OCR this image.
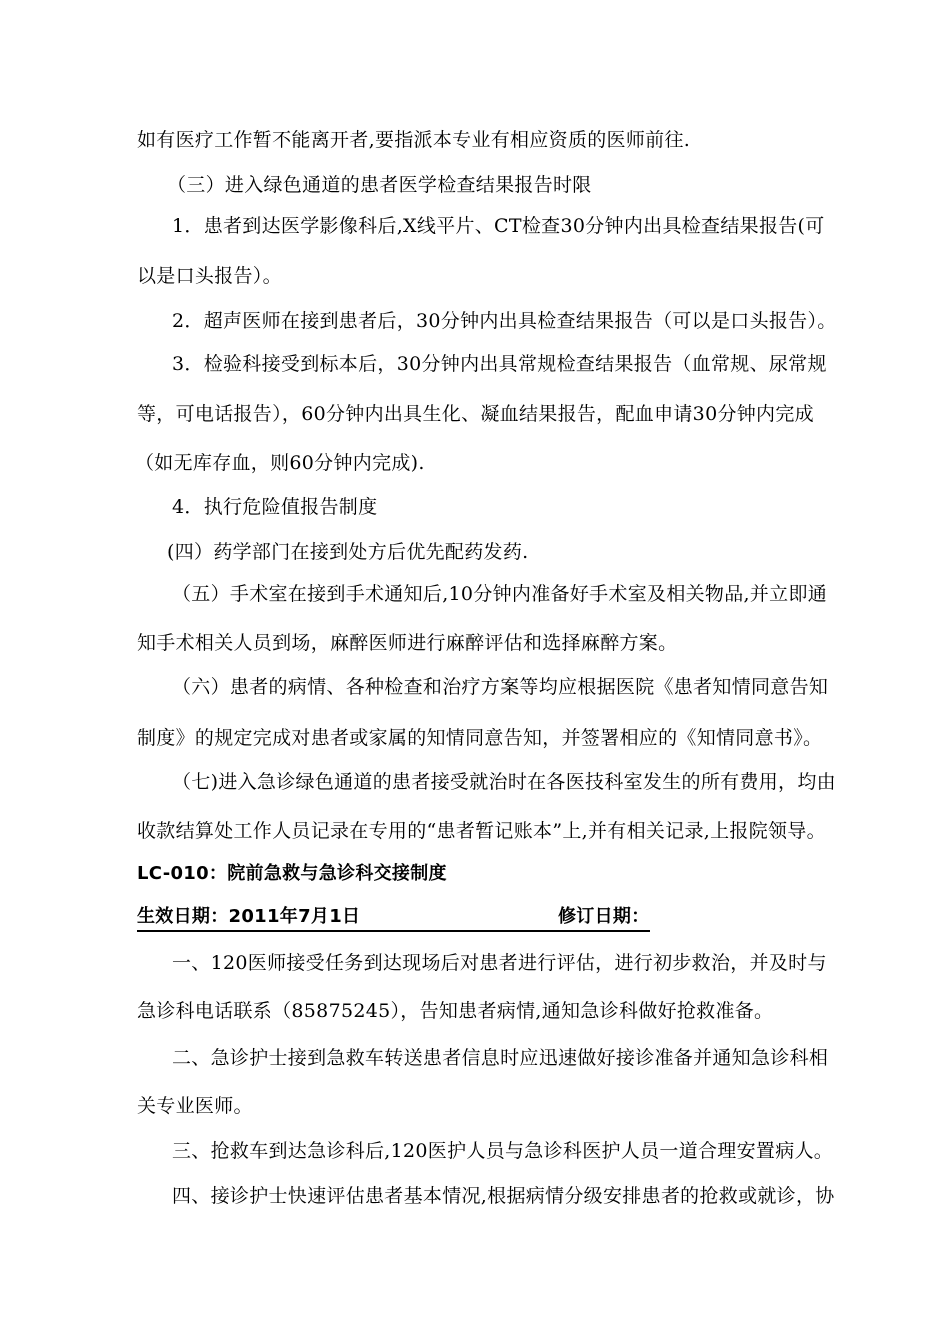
如有医疗工作暂不能离开者,要指派本专业有相应资质的医师前往.
（三）进入绿色通道的患者医学检查结果报告时限
1．患者到达医学影像科后,X线平片、CT检查30分钟内出具检查结果报告(可
以是口头报告）。
2．超声医师在接到患者后，30分钟内出具检查结果报告（可以是口头报告）。
3．检验科接受到标本后，30分钟内出具常规检查结果报告（血常规、尿常规
等，可电话报告），60分钟内出具生化、凝血结果报告，配血申请30分钟内完成
（如无库存血，则60分钟内完成).
4．执行危险值报告制度
(四）药学部门在接到处方后优先配药发药.
（五）手术室在接到手术通知后,10分钟内准备好手术室及相关物品,并立即通
知手术相关人员到场，麻醉医师进行麻醉评估和选择麻醉方案。
（六）患者的病情、各种检查和治疗方案等均应根据医院《患者知情同意告知
制度》的规定完成对患者或家属的知情同意告知，并签署相应的《知情同意书》。
（七)进入急诊绿色通道的患者接受就治时在各医技科室发生的所有费用，均由
收款结算处工作人员记录在专用的“患者暂记账本”上,并有相关记录,上报院领导。
LC-010：院前急救与急诊科交接制度
生效日期：2011年7月1日	修订日期：
一、120医师接受任务到达现场后对患者进行评估，进行初步救治，并及时与
急诊科电话联系（85875245），告知患者病情,通知急诊科做好抢救准备。
二、急诊护士接到急救车转送患者信息时应迅速做好接诊准备并通知急诊科相
关专业医师。
三、抢救车到达急诊科后,120医护人员与急诊科医护人员一道合理安置病人。
四、接诊护士快速评估患者基本情况,根据病情分级安排患者的抢救或就诊，协
